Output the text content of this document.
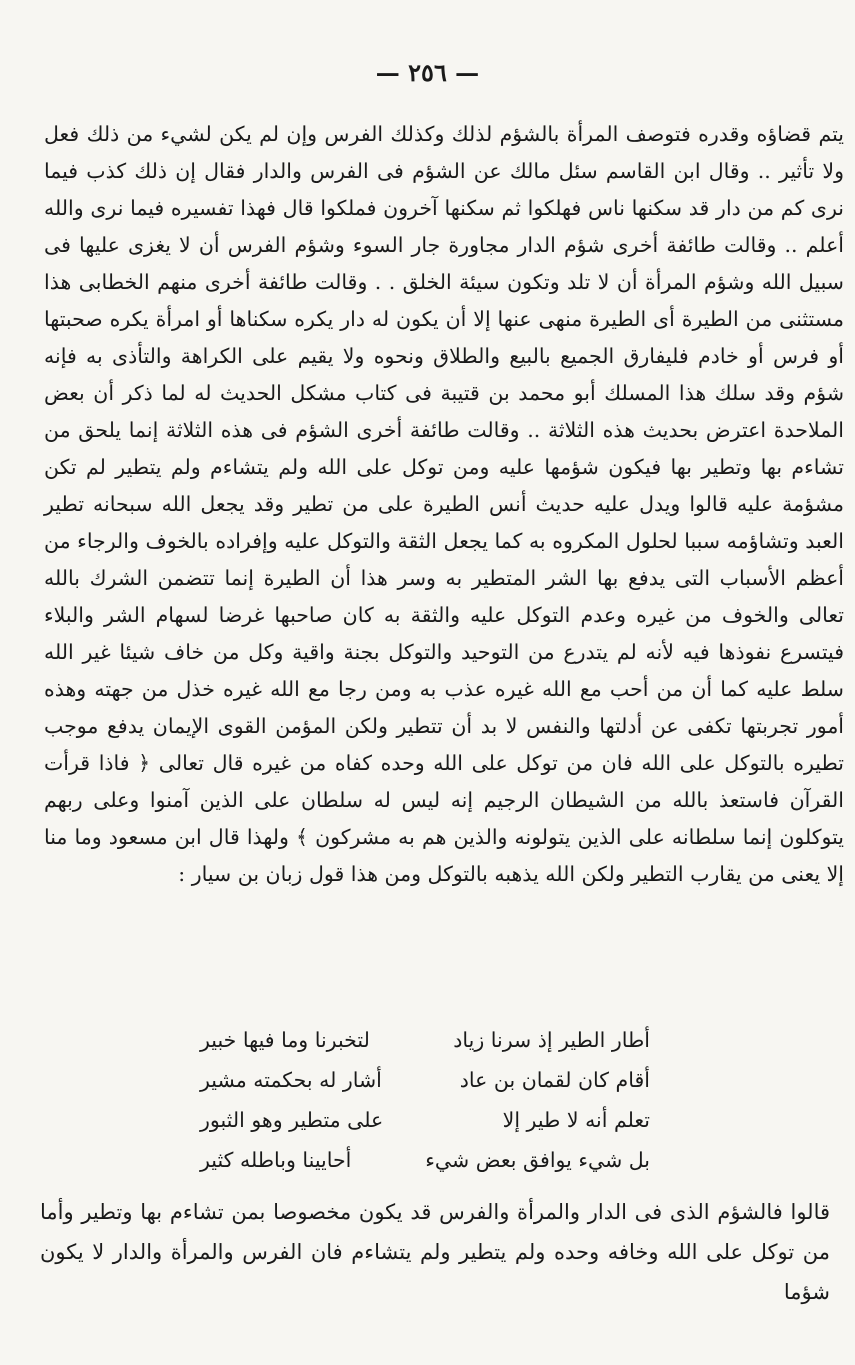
— ٢٥٦ —

يتم قضاؤه وقدره فتوصف المرأة بالشؤم لذلك وكذلك الفرس وإن لم يكن لشيء من ذلك فعل ولا تأثير .. وقال ابن القاسم سئل مالك عن الشؤم فى الفرس والدار فقال إن ذلك كذب فيما نرى كم من دار قد سكنها ناس فهلكوا ثم سكنها آخرون فملكوا قال فهذا تفسيره فيما نرى والله أعلم .. وقالت طائفة أخرى شؤم الدار مجاورة جار السوء وشؤم الفرس أن لا يغزى عليها فى سبيل الله وشؤم المرأة أن لا تلد وتكون سيئة الخلق . . وقالت طائفة أخرى منهم الخطابى هذا مستثنى من الطيرة أى الطيرة منهى عنها إلا أن يكون له دار يكره سكناها أو امرأة يكره صحبتها أو فرس أو خادم فليفارق الجميع بالبيع والطلاق ونحوه ولا يقيم على الكراهة والتأذى به فإنه شؤم وقد سلك هذا المسلك أبو محمد بن قتيبة فى كتاب مشكل الحديث له لما ذكر أن بعض الملاحدة اعترض بحديث هذه الثلاثة .. وقالت طائفة أخرى الشؤم فى هذه الثلاثة إنما يلحق من تشاءم بها وتطير بها فيكون شؤمها عليه ومن توكل على الله ولم يتشاءم ولم يتطير لم تكن مشؤمة عليه قالوا ويدل عليه حديث أنس الطيرة على من تطير وقد يجعل الله سبحانه تطير العبد وتشاؤمه سببا لحلول المكروه به كما يجعل الثقة والتوكل عليه وإفراده بالخوف والرجاء من أعظم الأسباب التى يدفع بها الشر المتطير به وسر هذا أن الطيرة إنما تتضمن الشرك بالله تعالى والخوف من غيره وعدم التوكل عليه والثقة به كان صاحبها غرضا لسهام الشر والبلاء فيتسرع نفوذها فيه لأنه لم يتدرع من التوحيد والتوكل بجنة واقية وكل من خاف شيئا غير الله سلط عليه كما أن من أحب مع الله غيره عذب به ومن رجا مع الله غيره خذل من جهته وهذه أمور تجربتها تكفى عن أدلتها والنفس لا بد أن تتطير ولكن المؤمن القوى الإيمان يدفع موجب تطيره بالتوكل على الله فان من توكل على الله وحده كفاه من غيره قال تعالى ﴿ فاذا قرأت القرآن فاستعذ بالله من الشيطان الرجيم إنه ليس له سلطان على الذين آمنوا وعلى ربهم يتوكلون إنما سلطانه على الذين يتولونه والذين هم به مشركون ﴾ ولهذا قال ابن مسعود وما منا إلا يعنى من يقارب التطير ولكن الله يذهبه بالتوكل ومن هذا قول زبان بن سيار :

أطار الطير إذ سرنا زياد
لتخبرنا وما فيها خبير
أقام كان لقمان بن عاد
أشار له بحكمته مشير
تعلم أنه لا طير إلا
على متطير وهو الثبور
بل شيء يوافق بعض شيء
أحايينا وباطله كثير

قالوا فالشؤم الذى فى الدار والمرأة والفرس قد يكون مخصوصا بمن تشاءم بها وتطير وأما من توكل على الله وخافه وحده ولم يتطير ولم يتشاءم فان الفرس والمرأة والدار لا يكون شؤما
